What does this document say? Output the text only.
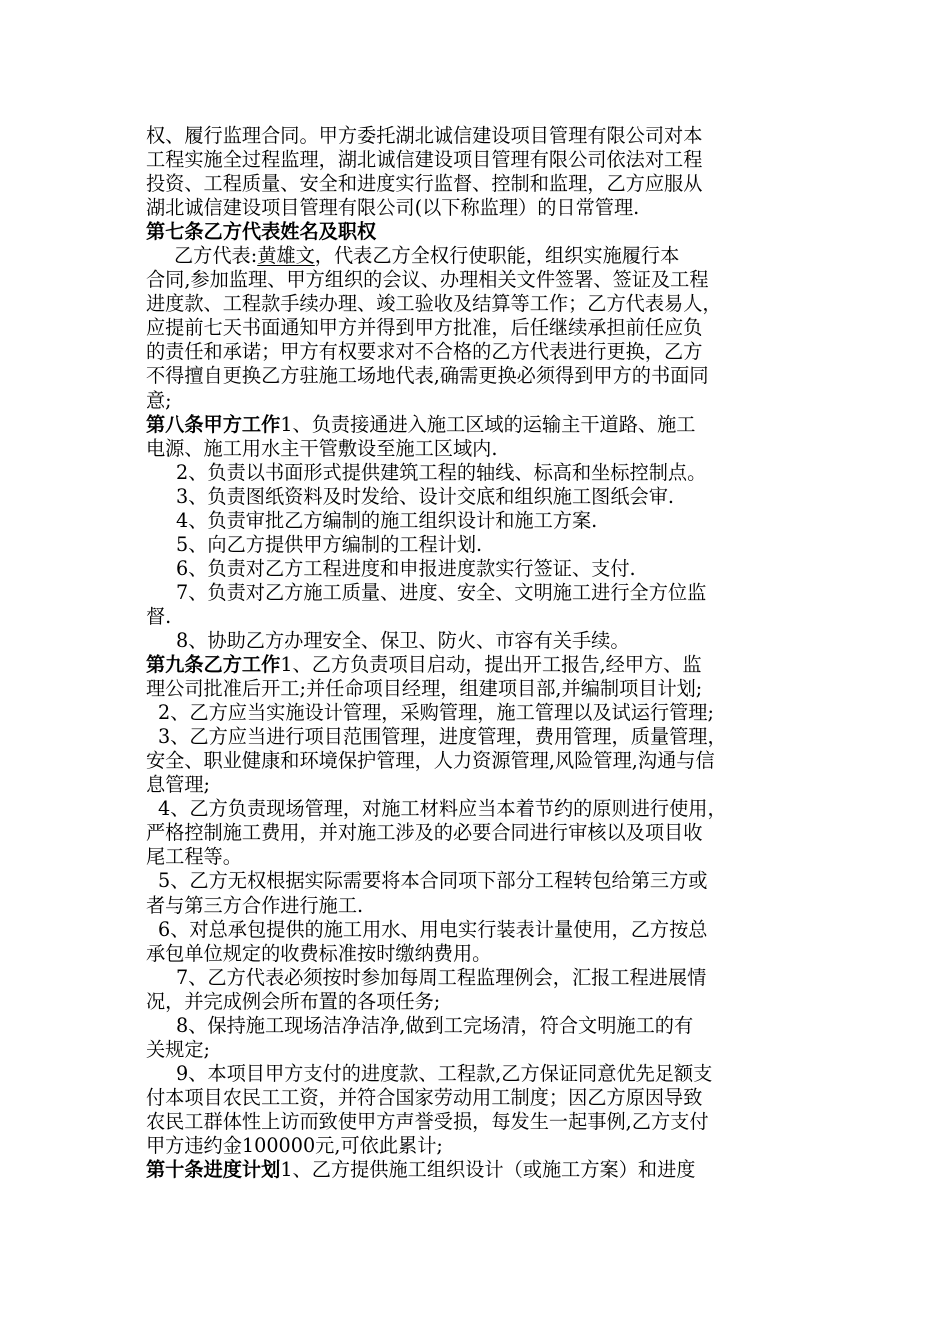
权、履行监理合同。甲方委托湖北诚信建设项目管理有限公司对本
工程实施全过程监理，湖北诚信建设项目管理有限公司依法对工程
投资、工程质量、安全和进度实行监督、控制和监理，乙方应服从
湖北诚信建设项目管理有限公司(以下称监理）的日常管理.
第七条乙方代表姓名及职权
乙方代表:黄雄文，代表乙方全权行使职能，组织实施履行本
合同,参加监理、甲方组织的会议、办理相关文件签署、签证及工程
进度款、工程款手续办理、竣工验收及结算等工作；乙方代表易人，
应提前七天书面通知甲方并得到甲方批准，后任继续承担前任应负
的责任和承诺；甲方有权要求对不合格的乙方代表进行更换，乙方
不得擅自更换乙方驻施工场地代表,确需更换必须得到甲方的书面同
意;
第八条甲方工作1、负责接通进入施工区域的运输主干道路、施工
电源、施工用水主干管敷设至施工区域内.
2、负责以书面形式提供建筑工程的轴线、标高和坐标控制点。
3、负责图纸资料及时发给、设计交底和组织施工图纸会审.
4、负责审批乙方编制的施工组织设计和施工方案.
5、向乙方提供甲方编制的工程计划.
6、负责对乙方工程进度和申报进度款实行签证、支付.
7、负责对乙方施工质量、进度、安全、文明施工进行全方位监
督.
8、协助乙方办理安全、保卫、防火、市容有关手续。
第九条乙方工作1、乙方负责项目启动，提出开工报告,经甲方、监
理公司批准后开工;并任命项目经理，组建项目部,并编制项目计划;
2、乙方应当实施设计管理，采购管理，施工管理以及试运行管理;
3、乙方应当进行项目范围管理，进度管理，费用管理，质量管理，
安全、职业健康和环境保护管理，人力资源管理,风险管理,沟通与信
息管理;
4、乙方负责现场管理，对施工材料应当本着节约的原则进行使用，
严格控制施工费用，并对施工涉及的必要合同进行审核以及项目收
尾工程等。
5、乙方无权根据实际需要将本合同项下部分工程转包给第三方或
者与第三方合作进行施工.
6、对总承包提供的施工用水、用电实行装表计量使用，乙方按总
承包单位规定的收费标准按时缴纳费用。
7、乙方代表必须按时参加每周工程监理例会，汇报工程进展情
况，并完成例会所布置的各项任务;
8、保持施工现场洁净洁净,做到工完场清，符合文明施工的有
关规定;
9、本项目甲方支付的进度款、工程款,乙方保证同意优先足额支
付本项目农民工工资，并符合国家劳动用工制度；因乙方原因导致
农民工群体性上访而致使甲方声誉受损，每发生一起事例,乙方支付
甲方违约金100000元,可依此累计;
第十条进度计划1、乙方提供施工组织设计（或施工方案）和进度
